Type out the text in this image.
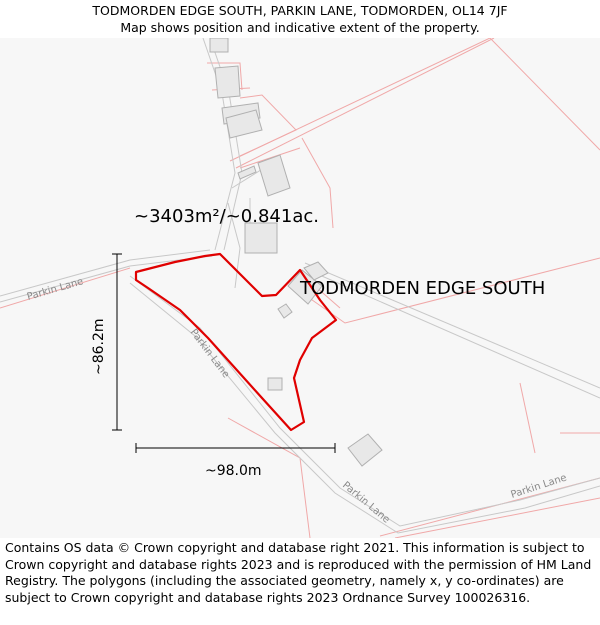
TODMORDEN EDGE SOUTH, PARKIN LANE, TODMORDEN, OL14 7JF
Map shows position and indicative extent of the property.
Parkin Lane
Parkin Lane
Parkin Lane	Parkin Lane
~3403m²/~0.841ac.
TODMORDEN EDGE SOUTH
~98.0m
~86.2m
Contains OS data © Crown copyright and database right 2021. This information is subject to Crown copyright and database rights 2023 and is reproduced with the permission of HM Land Registry. The polygons (including the associated geometry, namely x, y co-ordinates) are subject to Crown copyright and database rights 2023 Ordnance Survey 100026316.
